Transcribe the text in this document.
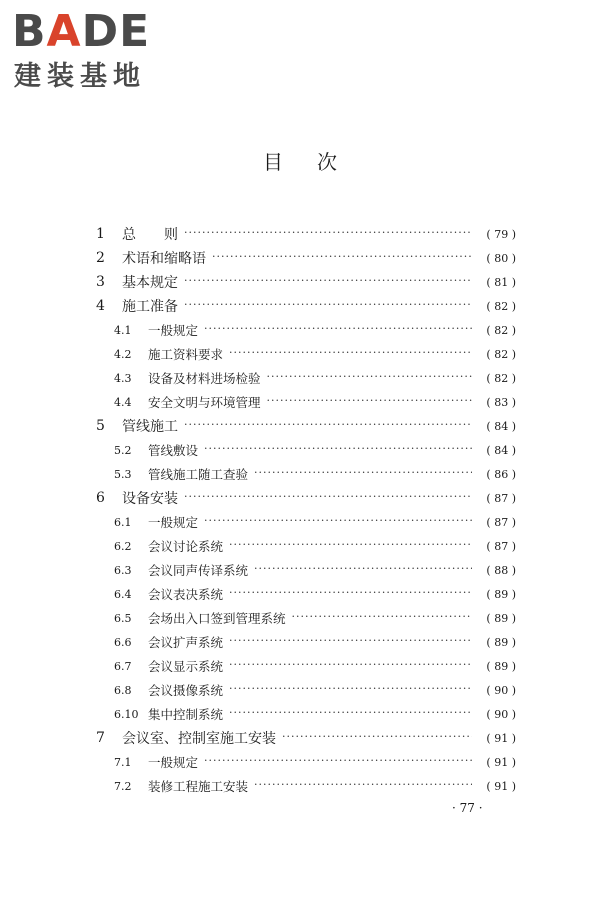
BADE
建装基地
目次
1	总　　则 ·····	( 79 )
2	术语和缩略语 ·····	( 80 )
3	基本规定 ·····	( 81 )
4	施工准备 ·····	( 82 )
4.1	一般规定 ·····	( 82 )
4.2	施工资料要求 ·····	( 82 )
4.3	设备及材料进场检验 ·····	( 82 )
4.4	安全文明与环境管理 ·····	( 83 )
5	管线施工 ·····	( 84 )
5.2	管线敷设 ·····	( 84 )
5.3	管线施工随工查验 ·····	( 86 )
6	设备安装 ·····	( 87 )
6.1	一般规定 ·····	( 87 )
6.2	会议讨论系统 ·····	( 87 )
6.3	会议同声传译系统 ·····	( 88 )
6.4	会议表决系统 ·····	( 89 )
6.5	会场出入口签到管理系统 ·····	( 89 )
6.6	会议扩声系统 ·····	( 89 )
6.7	会议显示系统 ·····	( 89 )
6.8	会议摄像系统 ·····	( 90 )
6.10 集中控制系统 ·····	( 90 )
7	会议室、控制室施工安装 ·····	( 91 )
7.1	一般规定 ·····	( 91 )
7.2	装修工程施工安装 ·····	( 91 )
· 77 ·
